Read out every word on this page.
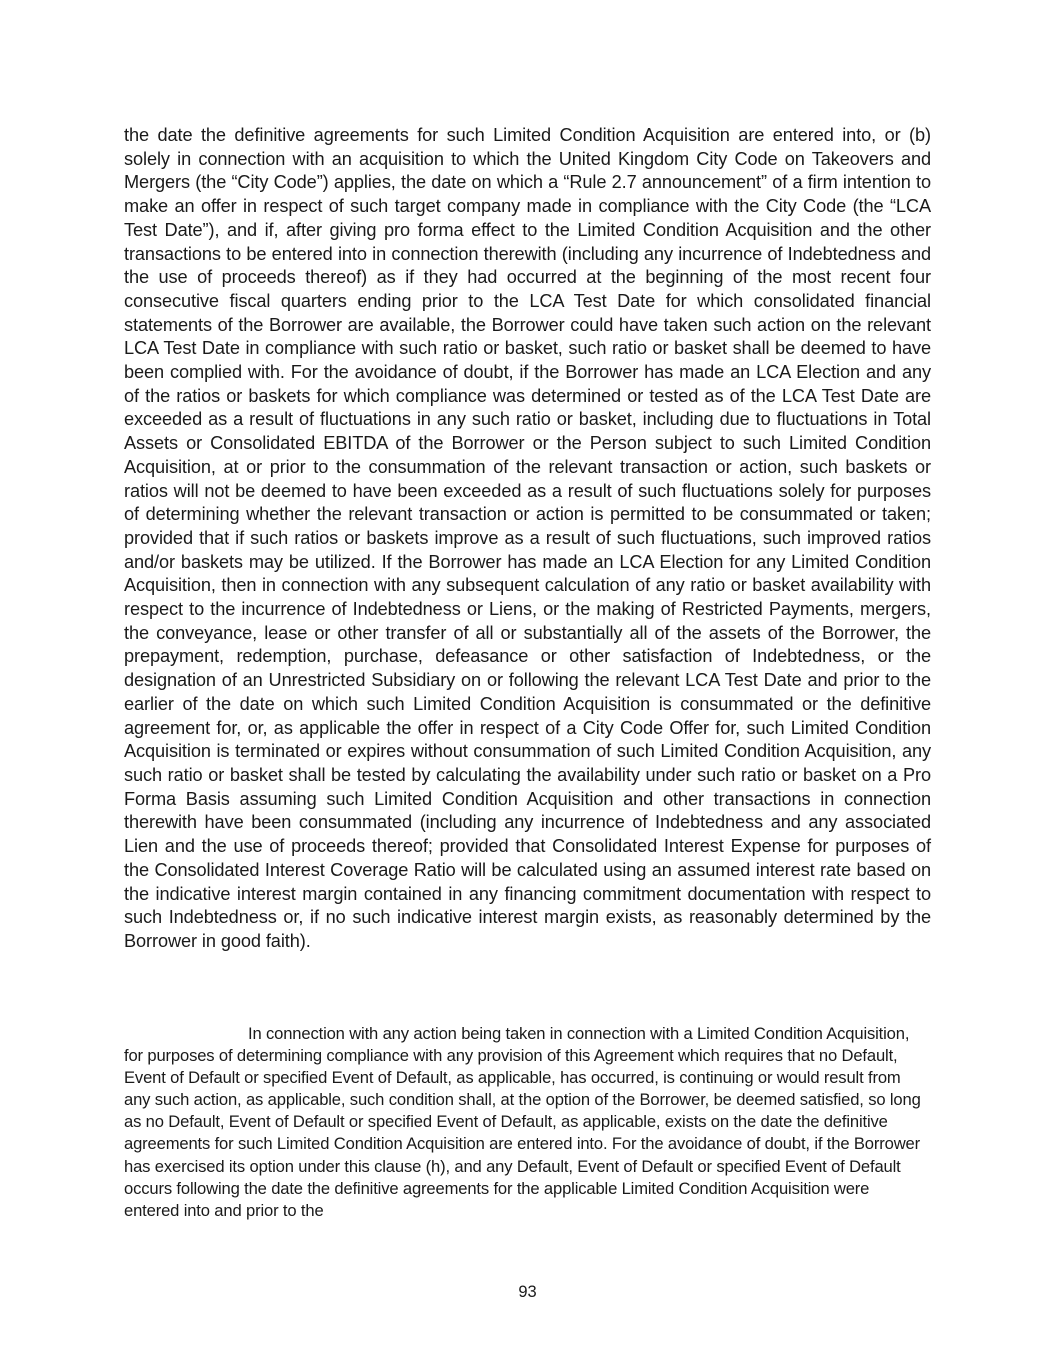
the date the definitive agreements for such Limited Condition Acquisition are entered into, or (b) solely in connection with an acquisition to which the United Kingdom City Code on Takeovers and Mergers (the “City Code”) applies, the date on which a “Rule 2.7 announcement” of a firm intention to make an offer in respect of such target company made in compliance with the City Code (the “LCA Test Date”), and if, after giving pro forma effect to the Limited Condition Acquisition and the other transactions to be entered into in connection therewith (including any incurrence of Indebtedness and the use of proceeds thereof) as if they had occurred at the beginning of the most recent four consecutive fiscal quarters ending prior to the LCA Test Date for which consolidated financial statements of the Borrower are available, the Borrower could have taken such action on the relevant LCA Test Date in compliance with such ratio or basket, such ratio or basket shall be deemed to have been complied with. For the avoidance of doubt, if the Borrower has made an LCA Election and any of the ratios or baskets for which compliance was determined or tested as of the LCA Test Date are exceeded as a result of fluctuations in any such ratio or basket, including due to fluctuations in Total Assets or Consolidated EBITDA of the Borrower or the Person subject to such Limited Condition Acquisition, at or prior to the consummation of the relevant transaction or action, such baskets or ratios will not be deemed to have been exceeded as a result of such fluctuations solely for purposes of determining whether the relevant transaction or action is permitted to be consummated or taken; provided that if such ratios or baskets improve as a result of such fluctuations, such improved ratios and/or baskets may be utilized. If the Borrower has made an LCA Election for any Limited Condition Acquisition, then in connection with any subsequent calculation of any ratio or basket availability with respect to the incurrence of Indebtedness or Liens, or the making of Restricted Payments, mergers, the conveyance, lease or other transfer of all or substantially all of the assets of the Borrower, the prepayment, redemption, purchase, defeasance or other satisfaction of Indebtedness, or the designation of an Unrestricted Subsidiary on or following the relevant LCA Test Date and prior to the earlier of the date on which such Limited Condition Acquisition is consummated or the definitive agreement for, or, as applicable the offer in respect of a City Code Offer for, such Limited Condition Acquisition is terminated or expires without consummation of such Limited Condition Acquisition, any such ratio or basket shall be tested by calculating the availability under such ratio or basket on a Pro Forma Basis assuming such Limited Condition Acquisition and other transactions in connection therewith have been consummated (including any incurrence of Indebtedness and any associated Lien and the use of proceeds thereof; provided that Consolidated Interest Expense for purposes of the Consolidated Interest Coverage Ratio will be calculated using an assumed interest rate based on the indicative interest margin contained in any financing commitment documentation with respect to such Indebtedness or, if no such indicative interest margin exists, as reasonably determined by the Borrower in good faith).

In connection with any action being taken in connection with a Limited Condition Acquisition, for purposes of determining compliance with any provision of this Agreement which requires that no Default, Event of Default or specified Event of Default, as applicable, has occurred, is continuing or would result from any such action, as applicable, such condition shall, at the option of the Borrower, be deemed satisfied, so long as no Default, Event of Default or specified Event of Default, as applicable, exists on the date the definitive agreements for such Limited Condition Acquisition are entered into. For the avoidance of doubt, if the Borrower has exercised its option under this clause (h), and any Default, Event of Default or specified Event of Default occurs following the date the definitive agreements for the applicable Limited Condition Acquisition were entered into and prior to the

93
